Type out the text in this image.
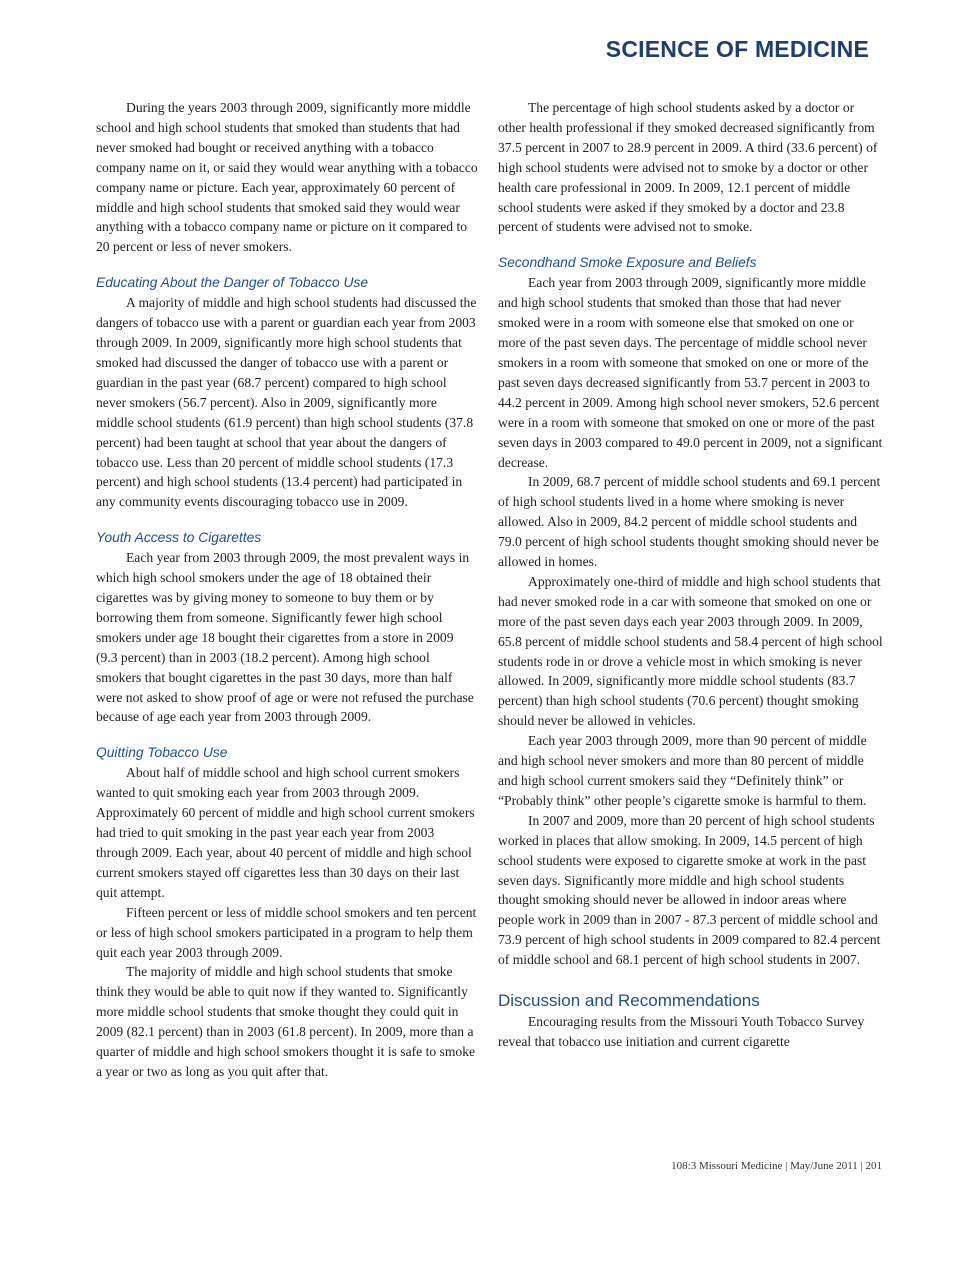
SCIENCE OF MEDICINE

During the years 2003 through 2009, significantly more middle school and high school students that smoked than students that had never smoked had bought or received anything with a tobacco company name on it, or said they would wear anything with a tobacco company name or picture. Each year, approximately 60 percent of middle and high school students that smoked said they would wear anything with a tobacco company name or picture on it compared to 20 percent or less of never smokers.

Educating About the Danger of Tobacco Use

A majority of middle and high school students had discussed the dangers of tobacco use with a parent or guardian each year from 2003 through 2009. In 2009, significantly more high school students that smoked had discussed the danger of tobacco use with a parent or guardian in the past year (68.7 percent) compared to high school never smokers (56.7 percent). Also in 2009, significantly more middle school students (61.9 percent) than high school students (37.8 percent) had been taught at school that year about the dangers of tobacco use. Less than 20 percent of middle school students (17.3 percent) and high school students (13.4 percent) had participated in any community events discouraging tobacco use in 2009.

Youth Access to Cigarettes

Each year from 2003 through 2009, the most prevalent ways in which high school smokers under the age of 18 obtained their cigarettes was by giving money to someone to buy them or by borrowing them from someone. Significantly fewer high school smokers under age 18 bought their cigarettes from a store in 2009 (9.3 percent) than in 2003 (18.2 percent). Among high school smokers that bought cigarettes in the past 30 days, more than half were not asked to show proof of age or were not refused the purchase because of age each year from 2003 through 2009.

Quitting Tobacco Use

About half of middle school and high school current smokers wanted to quit smoking each year from 2003 through 2009. Approximately 60 percent of middle and high school current smokers had tried to quit smoking in the past year each year from 2003 through 2009. Each year, about 40 percent of middle and high school current smokers stayed off cigarettes less than 30 days on their last quit attempt.

Fifteen percent or less of middle school smokers and ten percent or less of high school smokers participated in a program to help them quit each year 2003 through 2009.

The majority of middle and high school students that smoke think they would be able to quit now if they wanted to. Significantly more middle school students that smoke thought they could quit in 2009 (82.1 percent) than in 2003 (61.8 percent). In 2009, more than a quarter of middle and high school smokers thought it is safe to smoke a year or two as long as you quit after that.

The percentage of high school students asked by a doctor or other health professional if they smoked decreased significantly from 37.5 percent in 2007 to 28.9 percent in 2009. A third (33.6 percent) of high school students were advised not to smoke by a doctor or other health care professional in 2009. In 2009, 12.1 percent of middle school students were asked if they smoked by a doctor and 23.8 percent of students were advised not to smoke.

Secondhand Smoke Exposure and Beliefs

Each year from 2003 through 2009, significantly more middle and high school students that smoked than those that had never smoked were in a room with someone else that smoked on one or more of the past seven days. The percentage of middle school never smokers in a room with someone that smoked on one or more of the past seven days decreased significantly from 53.7 percent in 2003 to 44.2 percent in 2009. Among high school never smokers, 52.6 percent were in a room with someone that smoked on one or more of the past seven days in 2003 compared to 49.0 percent in 2009, not a significant decrease.

In 2009, 68.7 percent of middle school students and 69.1 percent of high school students lived in a home where smoking is never allowed. Also in 2009, 84.2 percent of middle school students and 79.0 percent of high school students thought smoking should never be allowed in homes.

Approximately one-third of middle and high school students that had never smoked rode in a car with someone that smoked on one or more of the past seven days each year 2003 through 2009. In 2009, 65.8 percent of middle school students and 58.4 percent of high school students rode in or drove a vehicle most in which smoking is never allowed. In 2009, significantly more middle school students (83.7 percent) than high school students (70.6 percent) thought smoking should never be allowed in vehicles.

Each year 2003 through 2009, more than 90 percent of middle and high school never smokers and more than 80 percent of middle and high school current smokers said they “Definitely think” or “Probably think” other people’s cigarette smoke is harmful to them.

In 2007 and 2009, more than 20 percent of high school students worked in places that allow smoking. In 2009, 14.5 percent of high school students were exposed to cigarette smoke at work in the past seven days. Significantly more middle and high school students thought smoking should never be allowed in indoor areas where people work in 2009 than in 2007 - 87.3 percent of middle school and 73.9 percent of high school students in 2009 compared to 82.4 percent of middle school and 68.1 percent of high school students in 2007.

Discussion and Recommendations

Encouraging results from the Missouri Youth Tobacco Survey reveal that tobacco use initiation and current cigarette

108:3 Missouri Medicine | May/June 2011 | 201
